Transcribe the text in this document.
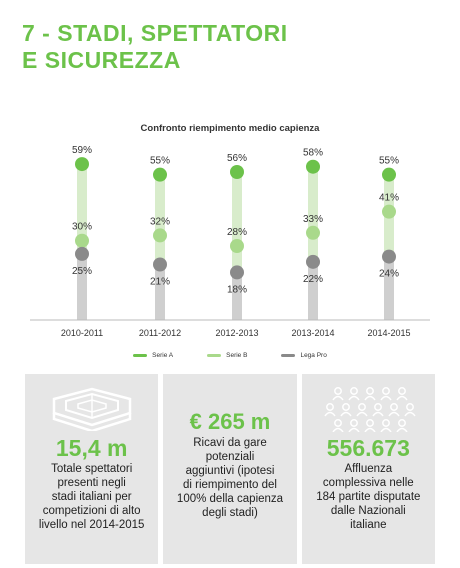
7 - STADI, SPETTATORI
E SICUREZZA
Confronto riempimento medio capienza
59%
55%	56%	58%
55%
30%	32%
28%
33%
41%
25%
21%
18%
22%	24%
2010-2011	2011-2012	2012-2013	2013-2014	2014-2015
Serie A	Serie B	Lega Pro
15,4 m
Totale spettatori
presenti negli
stadi italiani per
competizioni di alto
livello nel 2014-2015
€ 265 m
Ricavi da gare
potenziali
aggiuntivi (ipotesi
di riempimento del
100% della capienza
degli stadi)
556.673
Affluenza
complessiva nelle
184 partite disputate
dalle Nazionali
italiane
